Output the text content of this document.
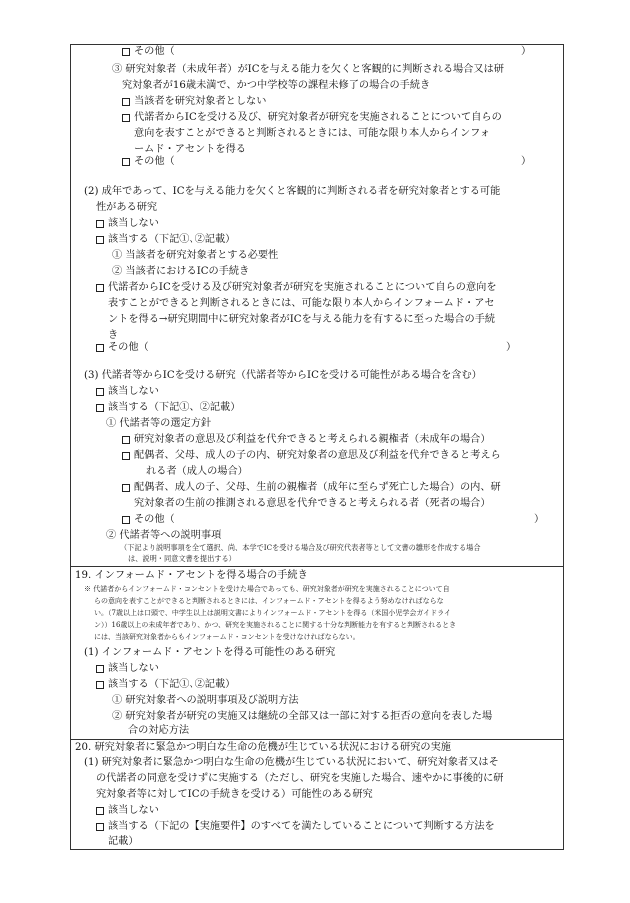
その他（	）
③ 研究対象者（未成年者）がICを与える能力を欠くと客観的に判断される場合又は研
究対象者が16歳未満で、かつ中学校等の課程未修了の場合の手続き
当該者を研究対象者としない
代諾者からICを受ける及び、研究対象者が研究を実施されることについて自らの
意向を表すことができると判断されるときには、可能な限り本人からインフォ
ームド・アセントを得る
その他（	）
(2) 成年であって、ICを与える能力を欠くと客観的に判断される者を研究対象者とする可能
性がある研究
該当しない
該当する（下記①､②記載）
① 当該者を研究対象者とする必要性
② 当該者におけるICの手続き
代諾者からICを受ける及び研究対象者が研究を実施されることについて自らの意向を
表すことができると判断されるときには、可能な限り本人からインフォームド・アセ
ントを得る→研究期間中に研究対象者がICを与える能力を有するに至った場合の手続
き
その他（	）
(3) 代諾者等からICを受ける研究（代諾者等からICを受ける可能性がある場合を含む）
該当しない
該当する（下記①、②記載）
① 代諾者等の選定方針
研究対象者の意思及び利益を代弁できると考えられる親権者（未成年の場合）
配偶者、父母、成人の子の内、研究対象者の意思及び利益を代弁できると考えら
れる者（成人の場合）
配偶者、成人の子、父母、生前の親権者（成年に至らず死亡した場合）の内、研
究対象者の生前の推測される意思を代弁できると考えられる者（死者の場合）
その他（	）
② 代諾者等への説明事項
（下記より説明事項を全て選択、尚、本学でICを受ける場合及び研究代表者等として文書の雛形を作成する場合
は、説明・同意文書を提出する）
19. インフォームド・アセントを得る場合の手続き
※ 代諾者からインフォームド・コンセントを受けた場合であっても、研究対象者が研究を実施されることについて自
らの意向を表すことができると判断されるときには、インフォームド・アセントを得るよう努めなければならな
い。（7歳以上は口頭で、中学生以上は説明文書によりインフォームド・アセントを得る（米国小児学会ガイドライ
ン））16歳以上の未成年者であり、かつ、研究を実施されることに関する十分な判断能力を有すると判断されるとき
には、当該研究対象者からもインフォームド・コンセントを受けなければならない。
(1) インフォームド・アセントを得る可能性のある研究
該当しない
該当する（下記①､②記載）
① 研究対象者への説明事項及び説明方法
② 研究対象者が研究の実施又は継続の全部又は一部に対する拒否の意向を表した場
合の対応方法
20. 研究対象者に緊急かつ明白な生命の危機が生じている状況における研究の実施
(1) 研究対象者に緊急かつ明白な生命の危機が生じている状況において、研究対象者又はそ
の代諾者の同意を受けずに実施する（ただし、研究を実施した場合、速やかに事後的に研
究対象者等に対してICの手続きを受ける）可能性のある研究
該当しない
該当する（下記の【実施要件】のすべてを満たしていることについて判断する方法を
記載）
